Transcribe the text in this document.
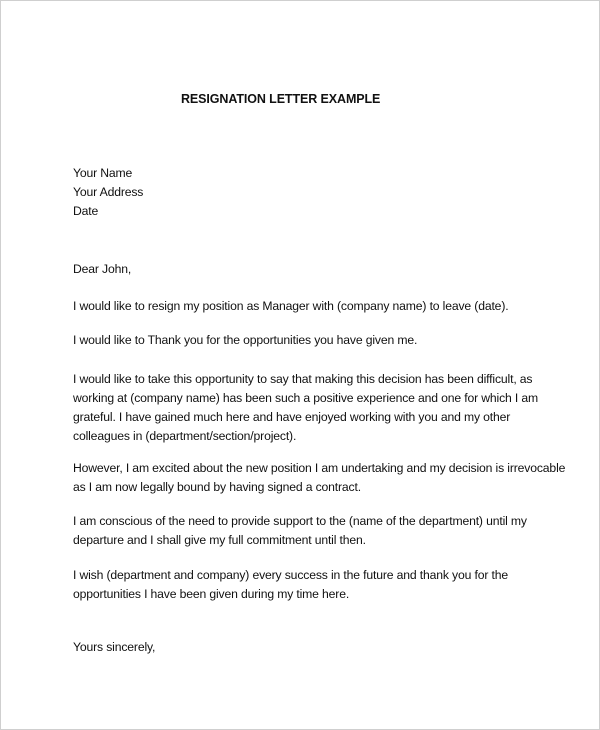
RESIGNATION LETTER EXAMPLE
Your Name
Your Address
Date
Dear John,
I would like to resign my position as Manager with (company name) to leave (date).
I would like to Thank you for the opportunities you have given me.
I would like to take this opportunity to say that making this decision has been difficult, as
working at (company name) has been such a positive experience and one for which I am
grateful. I have gained much here and have enjoyed working with you and my other
colleagues in (department/section/project).
However, I am excited about the new position I am undertaking and my decision is irrevocable
as I am now legally bound by having signed a contract.
I am conscious of the need to provide support to the (name of the department) until my
departure and I shall give my full commitment until then.
I wish (department and company) every success in the future and thank you for the
opportunities I have been given during my time here.
Yours sincerely,
